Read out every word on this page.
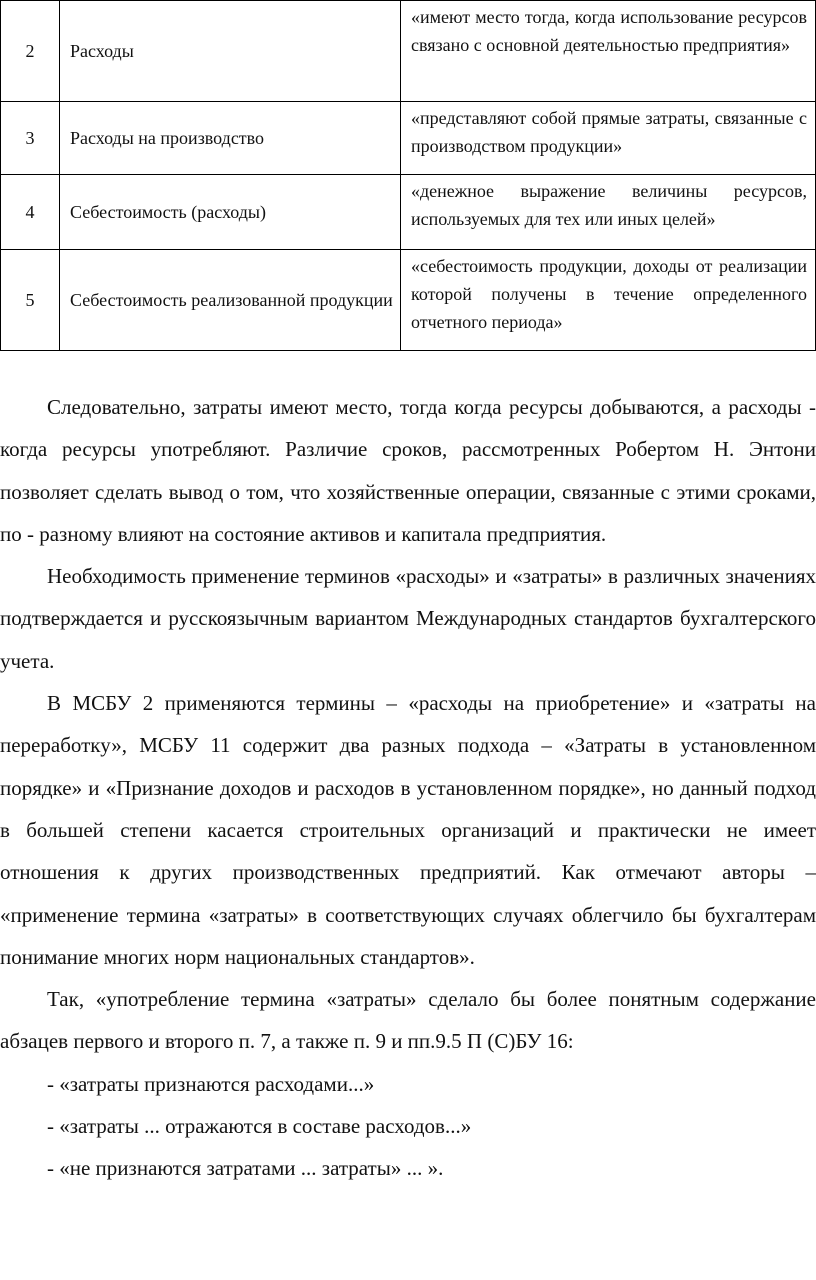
2	Расходы	«имеют место тогда, когда использование ресурсов связано с основной деятельностью предприятия»
3	Расходы на производство	«представляют собой прямые затраты, связанные с производством продукции»
4	Себестоимость (расходы)	«денежное выражение величины ресурсов, используемых для тех или иных целей»
5	Себестоимость реализованной продукции	«себестоимость продукции, доходы от реализации которой получены в течение определенного отчетного периода»

Следовательно, затраты имеют место, тогда когда ресурсы добываются, а расходы - когда ресурсы употребляют. Различие сроков, рассмотренных Робертом Н. Энтони позволяет сделать вывод о том, что хозяйственные операции, связанные с этими сроками, по - разному влияют на состояние активов и капитала предприятия.

Необходимость применение терминов «расходы» и «затраты» в различных значениях подтверждается и русскоязычным вариантом Международных стандартов бухгалтерского учета.

В МСБУ 2 применяются термины – «расходы на приобретение» и «затраты на переработку», МСБУ 11 содержит два разных подхода – «Затраты в установленном порядке» и «Признание доходов и расходов в установленном порядке», но данный подход в большей степени касается строительных организаций и практически не имеет отношения к других производственных предприятий. Как отмечают авторы – «применение термина «затраты» в соответствующих случаях облегчило бы бухгалтерам понимание многих норм национальных стандартов».

Так, «употребление термина «затраты» сделало бы более понятным содержание абзацев первого и второго п. 7, а также п. 9 и пп.9.5 П (С)БУ 16:

- «затраты признаются расходами...»

- «затраты ... отражаются в составе расходов...»

- «не признаются затратами ... затраты» ... ».
